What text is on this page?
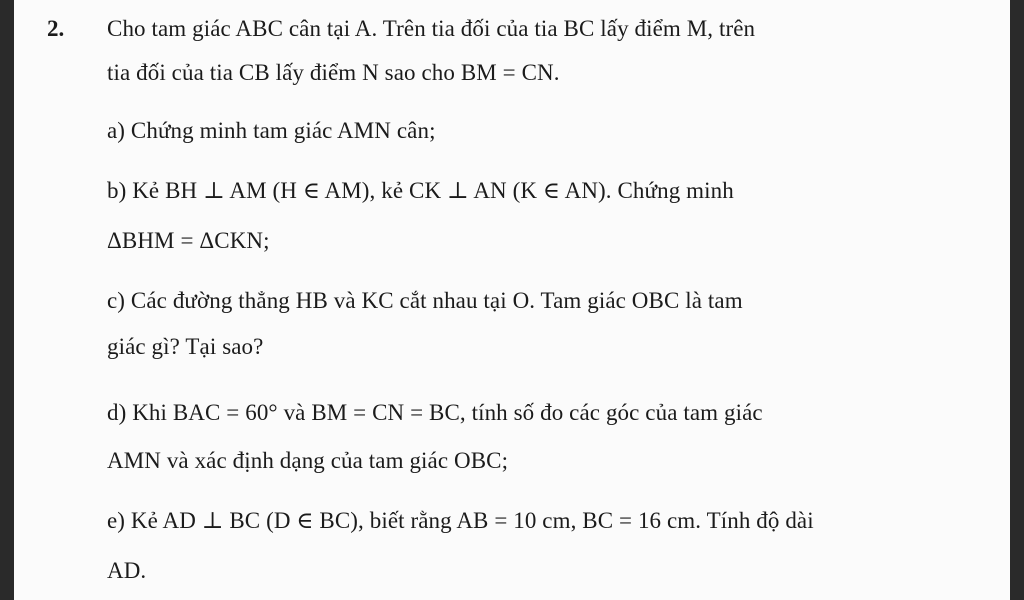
2. Cho tam giác ABC cân tại A. Trên tia đối của tia BC lấy điểm M, trên
tia đối của tia CB lấy điểm N sao cho BM = CN.
a) Chứng minh tam giác AMN cân;
b) Kẻ BH ⊥ AM (H ∈ AM), kẻ CK ⊥ AN (K ∈ AN). Chứng minh
ΔBHM = ΔCKN;
c) Các đường thẳng HB và KC cắt nhau tại O. Tam giác OBC là tam
giác gì? Tại sao?
d) Khi BAC = 60° và BM = CN = BC, tính số đo các góc của tam giác
AMN và xác định dạng của tam giác OBC;
e) Kẻ AD ⊥ BC (D ∈ BC), biết rằng AB = 10 cm, BC = 16 cm. Tính độ dài
AD.
